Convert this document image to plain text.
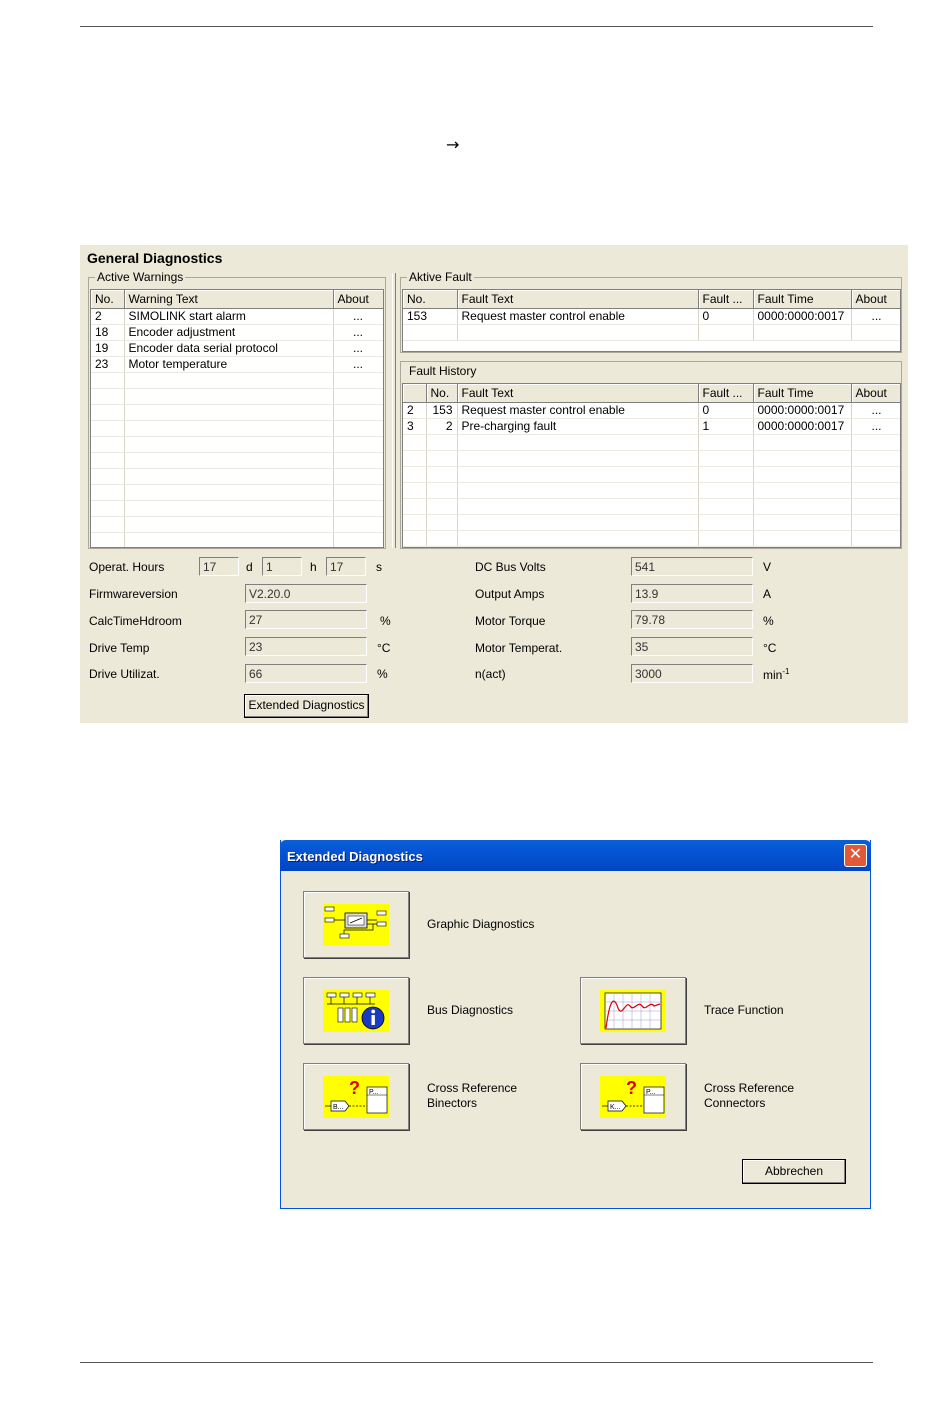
→
General Diagnostics
Active Warnings
No.	Warning Text	About
2	SIMOLINK start alarm	...
18	Encoder adjustment	...
19	Encoder data serial protocol	...
23	Motor temperature	...

Aktive Fault
No.	Fault Text	Fault ...	Fault Time	About
153	Request master control enable	0	0000:0000:0017	...

Fault History
	No.	Fault Text	Fault ...	Fault Time	About
2	153	Request master control enable	0	0000:0000:0017	...
3	2	Pre-charging fault	1	0000:0000:0017	...

Operat. Hours	17	d	1	h	17	s
Firmwareversion	V2.20.0
CalcTimeHdroom	27	%
Drive Temp	23	°C
Drive Utilizat.	66	%
DC Bus Volts	541	V
Output Amps	13.9	A
Motor Torque	79.78	%
Motor Temperat.	35	°C
n(act)	3000	$\min^{-1}$
Extended Diagnostics
Extended Diagnostics	✕
Graphic Diagnostics
Bus Diagnostics	Trace Function
?
B...
P...	Cross Reference
Binectors
?
K...
P...	Cross Reference
Connectors
Abbrechen
